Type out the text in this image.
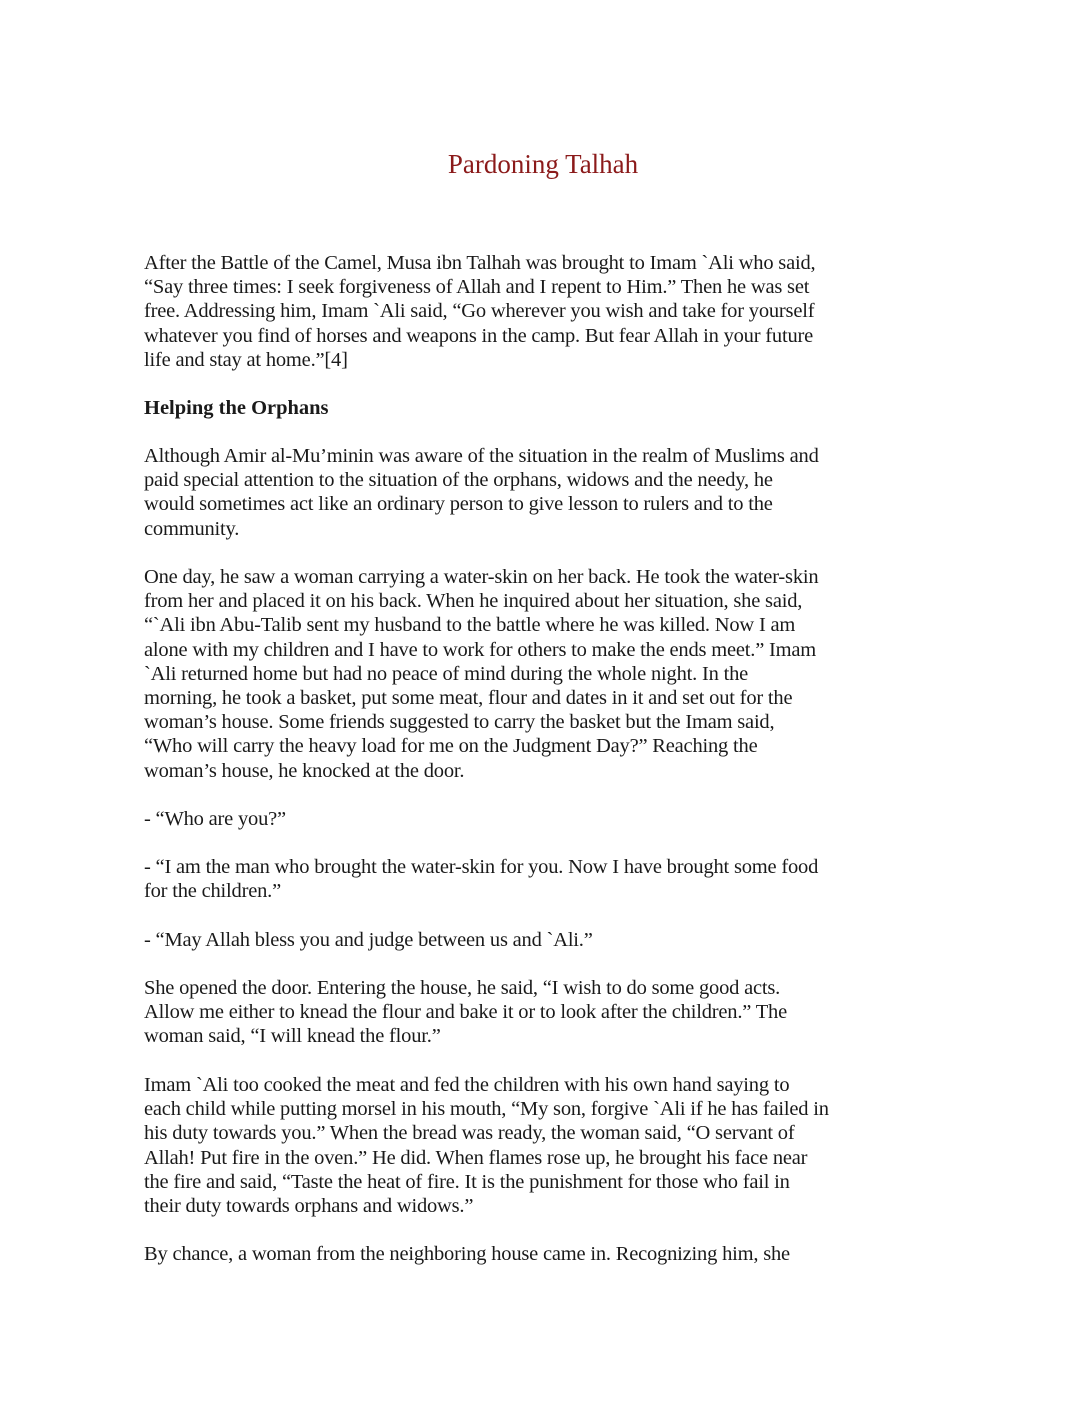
Pardoning Talhah

After the Battle of the Camel, Musa ibn Talhah was brought to Imam `Ali who said,
“Say three times: I seek forgiveness of Allah and I repent to Him.” Then he was set
free. Addressing him, Imam `Ali said, “Go wherever you wish and take for yourself
whatever you find of horses and weapons in the camp. But fear Allah in your future
life and stay at home.”[4]

Helping the Orphans

Although Amir al-Mu’minin was aware of the situation in the realm of Muslims and
paid special attention to the situation of the orphans, widows and the needy, he
would sometimes act like an ordinary person to give lesson to rulers and to the
community.

One day, he saw a woman carrying a water-skin on her back. He took the water-skin
from her and placed it on his back. When he inquired about her situation, she said,
“`Ali ibn Abu-Talib sent my husband to the battle where he was killed. Now I am
alone with my children and I have to work for others to make the ends meet.” Imam
`Ali returned home but had no peace of mind during the whole night. In the
morning, he took a basket, put some meat, flour and dates in it and set out for the
woman’s house. Some friends suggested to carry the basket but the Imam said,
“Who will carry the heavy load for me on the Judgment Day?” Reaching the
woman’s house, he knocked at the door.

- “Who are you?”

- “I am the man who brought the water-skin for you. Now I have brought some food
for the children.”

- “May Allah bless you and judge between us and `Ali.”

She opened the door. Entering the house, he said, “I wish to do some good acts.
Allow me either to knead the flour and bake it or to look after the children.” The
woman said, “I will knead the flour.”

Imam `Ali too cooked the meat and fed the children with his own hand saying to
each child while putting morsel in his mouth, “My son, forgive `Ali if he has failed in
his duty towards you.” When the bread was ready, the woman said, “O servant of
Allah! Put fire in the oven.” He did. When flames rose up, he brought his face near
the fire and said, “Taste the heat of fire. It is the punishment for those who fail in
their duty towards orphans and widows.”

By chance, a woman from the neighboring house came in. Recognizing him, she
